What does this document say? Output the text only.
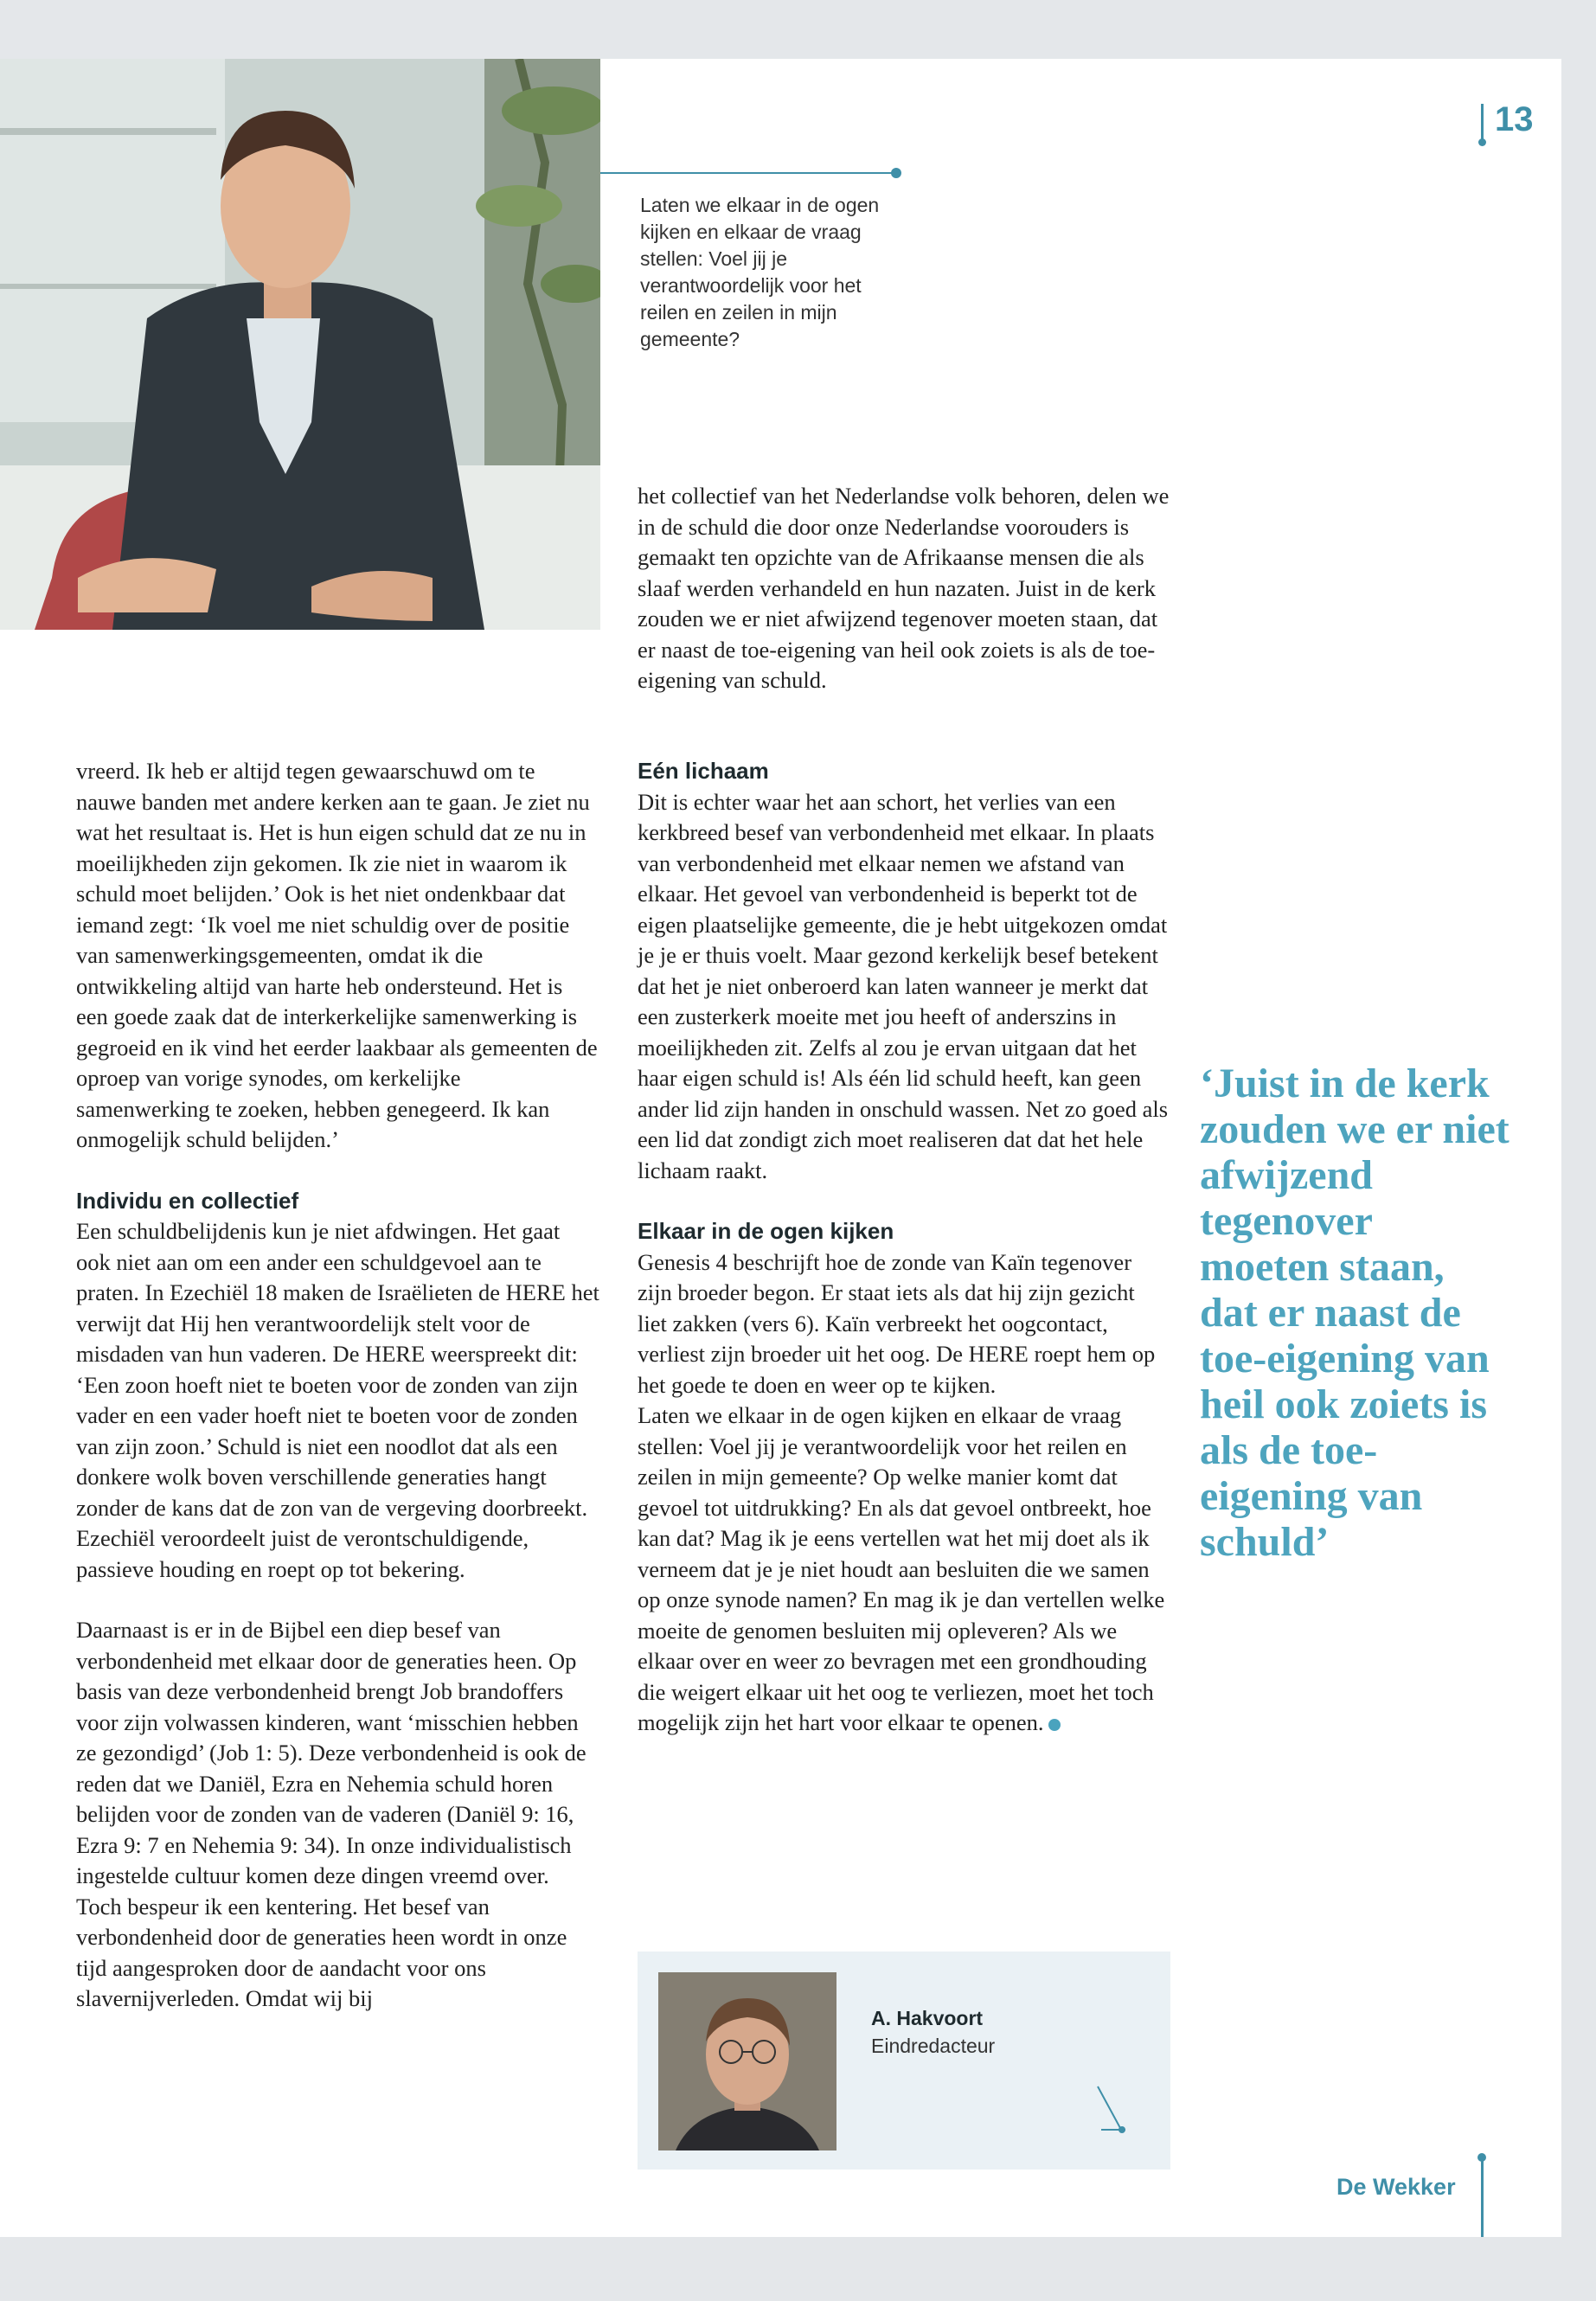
Laten we elkaar in de ogen kijken en elkaar de vraag stellen: Voel jij je verantwoordelijk voor het reilen en zeilen in mijn gemeente?
13

het collectief van het Nederlandse volk behoren, delen we in de schuld die door onze Nederlandse voorouders is gemaakt ten opzichte van de Afrikaanse mensen die als slaaf werden verhandeld en hun nazaten. Juist in de kerk zouden we er niet afwijzend tegenover moeten staan, dat er naast de toe-eigening van heil ook zoiets is als de toe-eigening van schuld.

vreerd. Ik heb er altijd tegen gewaarschuwd om te nauwe banden met andere kerken aan te gaan. Je ziet nu wat het resultaat is. Het is hun eigen schuld dat ze nu in moeilijkheden zijn gekomen. Ik zie niet in waarom ik schuld moet belijden.’ Ook is het niet ondenkbaar dat iemand zegt: ‘Ik voel me niet schuldig over de positie van samenwerkingsgemeenten, omdat ik die ontwikkeling altijd van harte heb ondersteund. Het is een goede zaak dat de interkerkelijke samenwerking is gegroeid en ik vind het eerder laakbaar als gemeenten de oproep van vorige synodes, om kerkelijke samenwerking te zoeken, hebben genegeerd. Ik kan onmogelijk schuld belijden.’

Individu en collectief

Een schuldbelijdenis kun je niet afdwingen. Het gaat ook niet aan om een ander een schuldgevoel aan te praten. In Ezechiël 18 maken de Israëlieten de HERE het verwijt dat Hij hen verantwoordelijk stelt voor de misdaden van hun vaderen. De HERE weerspreekt dit: ‘Een zoon hoeft niet te boeten voor de zonden van zijn vader en een vader hoeft niet te boeten voor de zonden van zijn zoon.’ Schuld is niet een noodlot dat als een donkere wolk boven verschillende generaties hangt zonder de kans dat de zon van de vergeving doorbreekt. Ezechiël veroordeelt juist de verontschuldigende, passieve houding en roept op tot bekering.

Daarnaast is er in de Bijbel een diep besef van verbondenheid met elkaar door de generaties heen. Op basis van deze verbondenheid brengt Job brandoffers voor zijn volwassen kinderen, want ‘misschien hebben ze gezondigd’ (Job 1: 5). Deze verbondenheid is ook de reden dat we Daniël, Ezra en Nehemia schuld horen belijden voor de zonden van de vaderen (Daniël 9: 16, Ezra 9: 7 en Nehemia 9: 34). In onze individualistisch ingestelde cultuur komen deze dingen vreemd over. Toch bespeur ik een kentering. Het besef van verbondenheid door de generaties heen wordt in onze tijd aangesproken door de aandacht voor ons slavernijverleden. Omdat wij bij

Eén lichaam

Dit is echter waar het aan schort, het verlies van een kerkbreed besef van verbondenheid met elkaar. In plaats van verbondenheid met elkaar nemen we afstand van elkaar. Het gevoel van verbondenheid is beperkt tot de eigen plaatselijke gemeente, die je hebt uitgekozen omdat je je er thuis voelt. Maar gezond kerkelijk besef betekent dat het je niet onberoerd kan laten wanneer je merkt dat een zusterkerk moeite met jou heeft of anderszins in moeilijkheden zit. Zelfs al zou je ervan uitgaan dat het haar eigen schuld is! Als één lid schuld heeft, kan geen ander lid zijn handen in onschuld wassen. Net zo goed als een lid dat zondigt zich moet realiseren dat dat het hele lichaam raakt.

Elkaar in de ogen kijken

Genesis 4 beschrijft hoe de zonde van Kaïn tegenover zijn broeder begon. Er staat iets als dat hij zijn gezicht liet zakken (vers 6). Kaïn verbreekt het oogcontact, verliest zijn broeder uit het oog. De HERE roept hem op het goede te doen en weer op te kijken.

Laten we elkaar in de ogen kijken en elkaar de vraag stellen: Voel jij je verantwoordelijk voor het reilen en zeilen in mijn gemeente? Op welke manier komt dat gevoel tot uitdrukking? En als dat gevoel ontbreekt, hoe kan dat? Mag ik je eens vertellen wat het mij doet als ik verneem dat je je niet houdt aan besluiten die we samen op onze synode namen? En mag ik je dan vertellen welke moeite de genomen besluiten mij opleveren? Als we elkaar over en weer zo bevragen met een grondhouding die weigert elkaar uit het oog te verliezen, moet het toch mogelijk zijn het hart voor elkaar te openen.

‘Juist in de kerk zouden we er niet afwijzend tegenover moeten staan, dat er naast de toe-eigening van heil ook zoiets is als de toe-eigening van schuld’
A. Hakvoort
Eindredacteur
De Wekker
